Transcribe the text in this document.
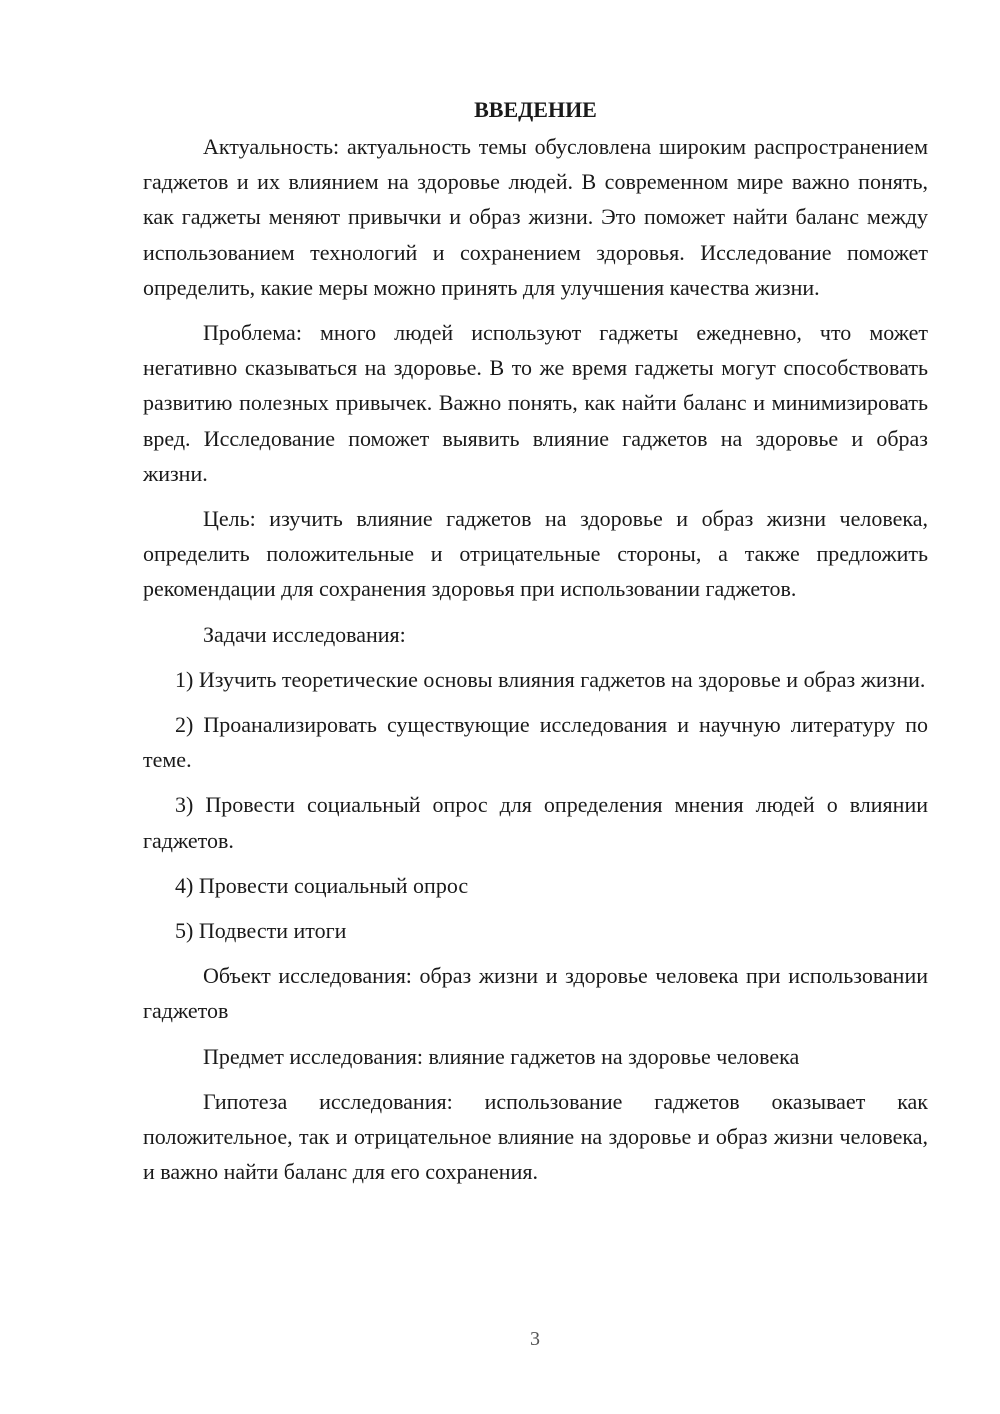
ВВЕДЕНИЕ

Актуальность: актуальность темы обусловлена широким распространением гаджетов и их влиянием на здоровье людей. В современном мире важно понять, как гаджеты меняют привычки и образ жизни. Это поможет найти баланс между использованием технологий и сохранением здоровья. Исследование поможет определить, какие меры можно принять для улучшения качества жизни.

Проблема: много людей используют гаджеты ежедневно, что может негативно сказываться на здоровье. В то же время гаджеты могут способствовать развитию полезных привычек. Важно понять, как найти баланс и минимизировать вред. Исследование поможет выявить влияние гаджетов на здоровье и образ жизни.

Цель: изучить влияние гаджетов на здоровье и образ жизни человека, определить положительные и отрицательные стороны, а также предложить рекомендации для сохранения здоровья при использовании гаджетов.

Задачи исследования:

1) Изучить теоретические основы влияния гаджетов на здоровье и образ жизни.

2) Проанализировать существующие исследования и научную литературу по теме.

3) Провести социальный опрос для определения мнения людей о влиянии гаджетов.

4) Провести социальный опрос

5) Подвести итоги

Объект исследования: образ жизни и здоровье человека при использовании гаджетов

Предмет исследования: влияние гаджетов на здоровье человека

Гипотеза исследования: использование гаджетов оказывает как положительное, так и отрицательное влияние на здоровье и образ жизни человека, и важно найти баланс для его сохранения.

3
